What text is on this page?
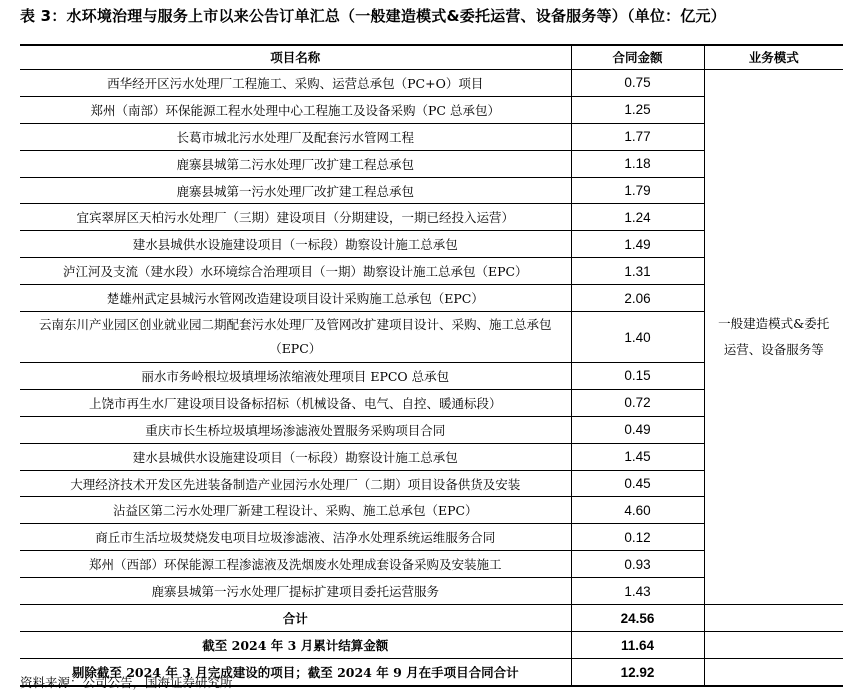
表 3：水环境治理与服务上市以来公告订单汇总（一般建造模式&委托运营、设备服务等）（单位：亿元）
项目名称	合同金额	业务模式
西华经开区污水处理厂工程施工、采购、运营总承包（PC+O）项目	0.75	一般建造模式&委托运营、设备服务等
郑州（南部）环保能源工程水处理中心工程施工及设备采购（PC 总承包）	1.25	
长葛市城北污水处理厂及配套污水管网工程	1.77	
鹿寨县城第二污水处理厂改扩建工程总承包	1.18	
鹿寨县城第一污水处理厂改扩建工程总承包	1.79	
宜宾翠屏区天柏污水处理厂（三期）建设项目（分期建设，一期已经投入运营）	1.24	
建水县城供水设施建设项目（一标段）勘察设计施工总承包	1.49	
泸江河及支流（建水段）水环境综合治理项目（一期）勘察设计施工总承包（EPC）	1.31	
楚雄州武定县城污水管网改造建设项目设计采购施工总承包（EPC）	2.06	
云南东川产业园区创业就业园二期配套污水处理厂及管网改扩建项目设计、采购、施工总承包（EPC）	1.40	
丽水市务岭根垃圾填埋场浓缩液处理项目 EPCO 总承包	0.15	
上饶市再生水厂建设项目设备标招标（机械设备、电气、自控、暖通标段）	0.72	
重庆市长生桥垃圾填埋场渗滤液处置服务采购项目合同	0.49	
建水县城供水设施建设项目（一标段）勘察设计施工总承包	1.45	
大理经济技术开发区先进装备制造产业园污水处理厂（二期）项目设备供货及安装	0.45	
沾益区第二污水处理厂新建工程设计、采购、施工总承包（EPC）	4.60	
商丘市生活垃圾焚烧发电项目垃圾渗滤液、洁净水处理系统运维服务合同	0.12	
郑州（西部）环保能源工程渗滤液及洗烟废水处理成套设备采购及安装施工	0.93	
鹿寨县城第一污水处理厂提标扩建项目委托运营服务	1.43	
合计	24.56	
截至 2024 年 3 月累计结算金额	11.64	
剔除截至 2024 年 3 月完成建设的项目；截至 2024 年 9 月在手项目合同合计	12.92	
资料来源：公司公告，国海证券研究所
